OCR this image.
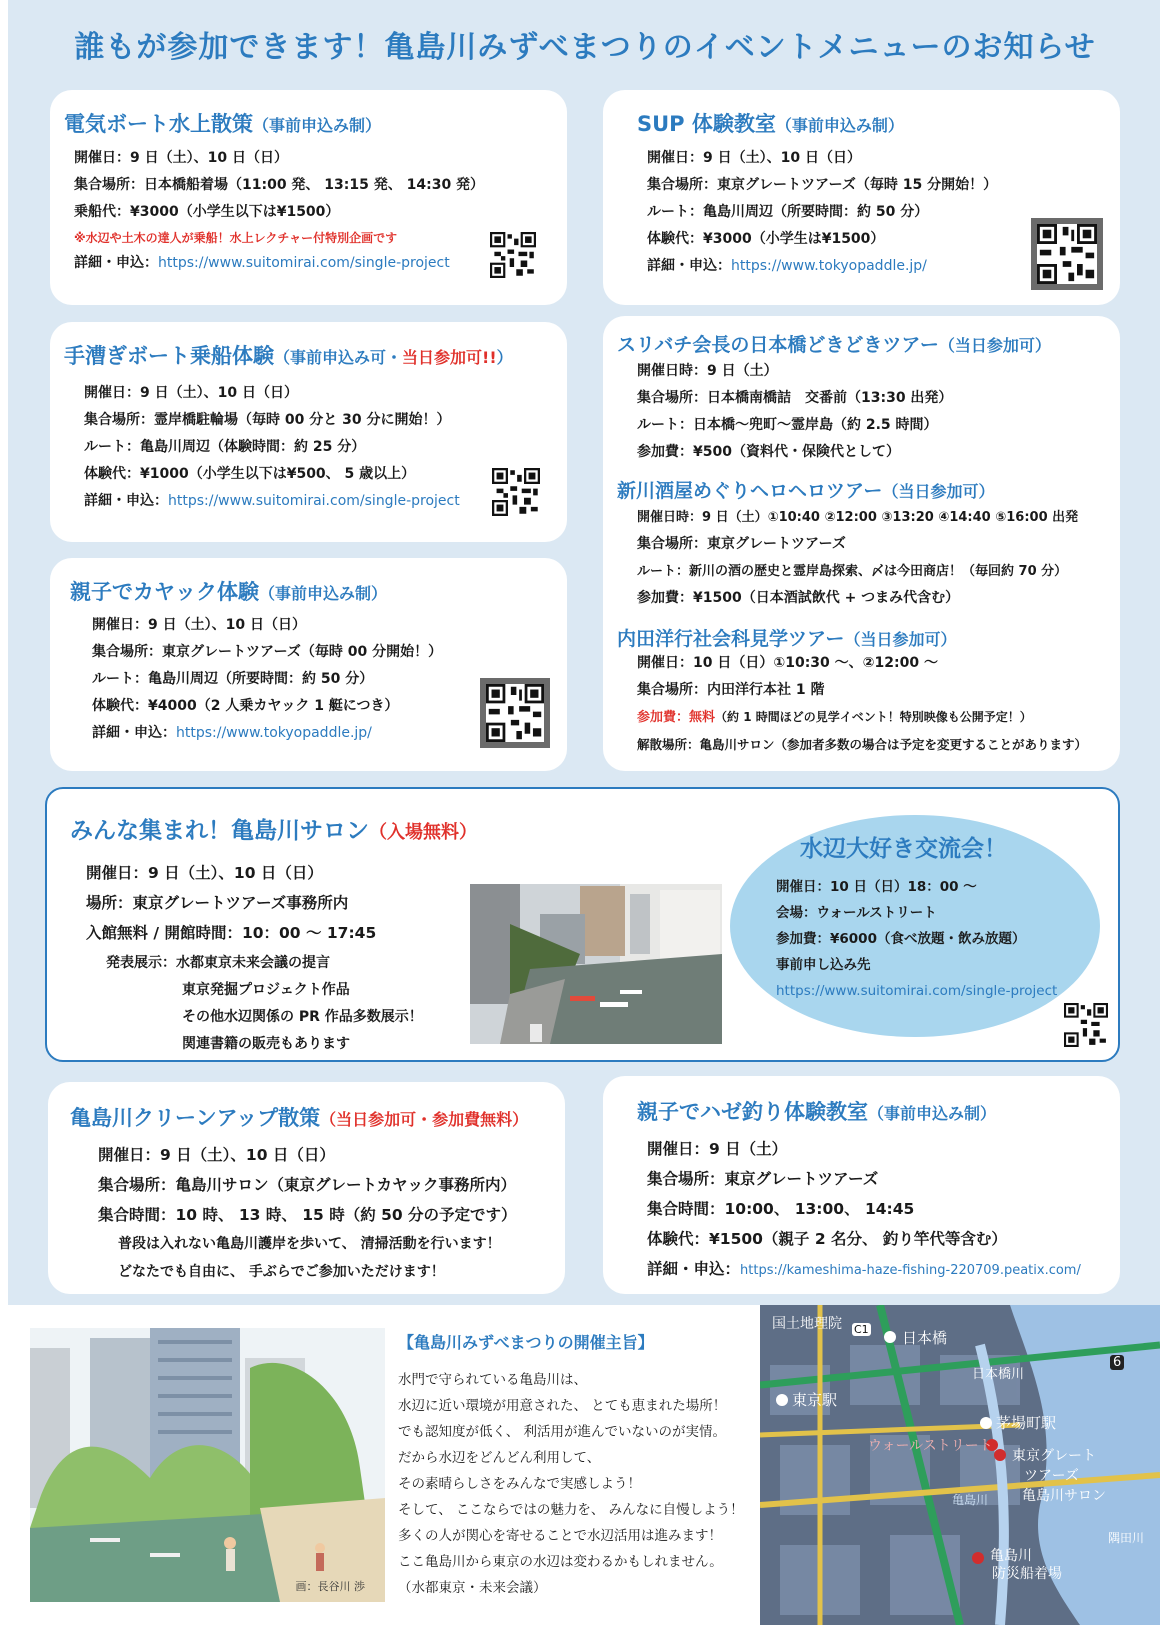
誰もが参加できます！亀島川みずべまつりのイベントメニューのお知らせ
電気ボート水上散策（事前申込み制）
開催日：9 日（土）、10 日（日）
集合場所：日本橋船着場（11:00 発、 13:15 発、 14:30 発）
乗船代：¥3000（小学生以下は¥1500）
※水辺や土木の達人が乗船！水上レクチャー付特別企画です
詳細・申込：https://www.suitomirai.com/single-project
SUP 体験教室（事前申込み制）
開催日：9 日（土）、10 日（日）
集合場所：東京グレートツアーズ（毎時 15 分開始！）
ルート：亀島川周辺（所要時間：約 50 分）
体験代：¥3000（小学生は¥1500）
詳細・申込：https://www.tokyopaddle.jp/
手漕ぎボート乗船体験（事前申込み可・当日参加可!!）
開催日：9 日（土）、10 日（日）
集合場所：霊岸橋駐輪場（毎時 00 分と 30 分に開始！）
ルート：亀島川周辺（体験時間：約 25 分）
体験代：¥1000（小学生以下は¥500、 5 歳以上）
詳細・申込：https://www.suitomirai.com/single-project
親子でカヤック体験（事前申込み制）
開催日：9 日（土）、10 日（日）
集合場所：東京グレートツアーズ（毎時 00 分開始！）
ルート：亀島川周辺（所要時間：約 50 分）
体験代：¥4000（2 人乗カヤック 1 艇につき）
詳細・申込：https://www.tokyopaddle.jp/
スリバチ会長の日本橋どきどきツアー（当日参加可）
開催日時：9 日（土）
集合場所：日本橋南橋詰　交番前（13:30 出発）
ルート：日本橋～兜町～霊岸島（約 2.5 時間）
参加費：¥500（資料代・保険代として）
新川酒屋めぐりヘロヘロツアー（当日参加可）
開催日時：9 日（土）①10:40 ②12:00 ③13:20 ④14:40 ⑤16:00 出発
集合場所：東京グレートツアーズ
ルート：新川の酒の歴史と霊岸島探索、〆は今田商店！（毎回約 70 分）
参加費：¥1500（日本酒試飲代 + つまみ代含む）
内田洋行社会科見学ツアー（当日参加可）
開催日：10 日（日）①10:30 ～、②12:00 ～
集合場所：内田洋行本社 1 階
参加費：無料（約 1 時間ほどの見学イベント！特別映像も公開予定！）
解散場所：亀島川サロン（参加者多数の場合は予定を変更することがあります）
みんな集まれ！亀島川サロン（入場無料）
開催日：9 日（土）、10 日（日）
場所：東京グレートツアーズ事務所内
入館無料 / 開館時間：10：00 ～ 17:45
発表展示：水都東京未来会議の提言
東京発掘プロジェクト作品
その他水辺関係の PR 作品多数展示！
関連書籍の販売もあります
水辺大好き交流会！
開催日：10 日（日）18：00 ～
会場：ウォールストリート
参加費：¥6000（食べ放題・飲み放題）
事前申し込み先
https://www.suitomirai.com/single-project
亀島川クリーンアップ散策（当日参加可・参加費無料）
開催日：9 日（土）、10 日（日）
集合場所：亀島川サロン（東京グレートカヤック事務所内）
集合時間：10 時、 13 時、 15 時（約 50 分の予定です）
普段は入れない亀島川護岸を歩いて、 清掃活動を行います！
どなたでも自由に、 手ぶらでご参加いただけます！
親子でハゼ釣り体験教室（事前申込み制）
開催日：9 日（土）
集合場所：東京グレートツアーズ
集合時間：10:00、 13:00、 14:45
体験代：¥1500（親子 2 名分、 釣り竿代等含む）
詳細・申込：https://kameshima-haze-fishing-220709.peatix.com/
画：長谷川 渉
【亀島川みずべまつりの開催主旨】
水門で守られている亀島川は、
水辺に近い環境が用意された、 とても恵まれた場所！
でも認知度が低く、 利活用が進んでいないのが実情。
だから水辺をどんどん利用して、
その素晴らしさをみんなで実感しよう！
そして、 ここならではの魅力を、 みんなに自慢しよう！
多くの人が関心を寄せることで水辺活用は進みます！
ここ亀島川から東京の水辺は変わるかもしれません。
（水都東京・未来会議）
国土地理院
日本橋
C1
日本橋川
6
東京駅
茅場町駅
ウォールストリート
東京グレート
ツアーズ
亀島川サロン
亀島川
隅田川
亀島川
防災船着場
